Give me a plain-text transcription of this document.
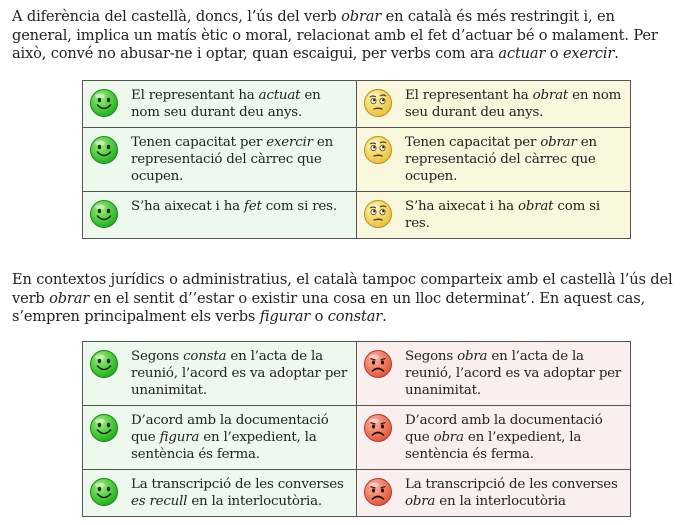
A diferència del castellà, doncs, l’ús del verb obrar en català és més restringit i, en general, implica un matís ètic o moral, relacionat amb el fet d’actuar bé o malament. Per això, convé no abusar-ne i optar, quan escaigui, per verbs com ara actuar o exercir.
El representant ha actuat en nom seu durant deu anys.	El representant ha obrat en nom seu durant deu anys.

Tenen capacitat per exercir en representació del càrrec que ocupen.	Tenen capacitat per obrar en representació del càrrec que ocupen.

S’ha aixecat i ha fet com si res.	S’ha aixecat i ha obrat com si res.
En contextos jurídics o administratius, el català tampoc comparteix amb el castellà l’ús del verb obrar en el sentit d’’estar o existir una cosa en un lloc determinat’. En aquest cas, s’empren principalment els verbs figurar o constar.
Segons consta en l’acta de la reunió, l’acord es va adoptar per unanimitat.	Segons obra en l’acta de la reunió, l’acord es va adoptar per unanimitat.

D’acord amb la documentació que figura en l’expedient, la sentència és ferma.	D’acord amb la documentació que obra en l’expedient, la sentència és ferma.

La transcripció de les converses es recull en la interlocutòria.	La transcripció de les converses obra en la interlocutòria
